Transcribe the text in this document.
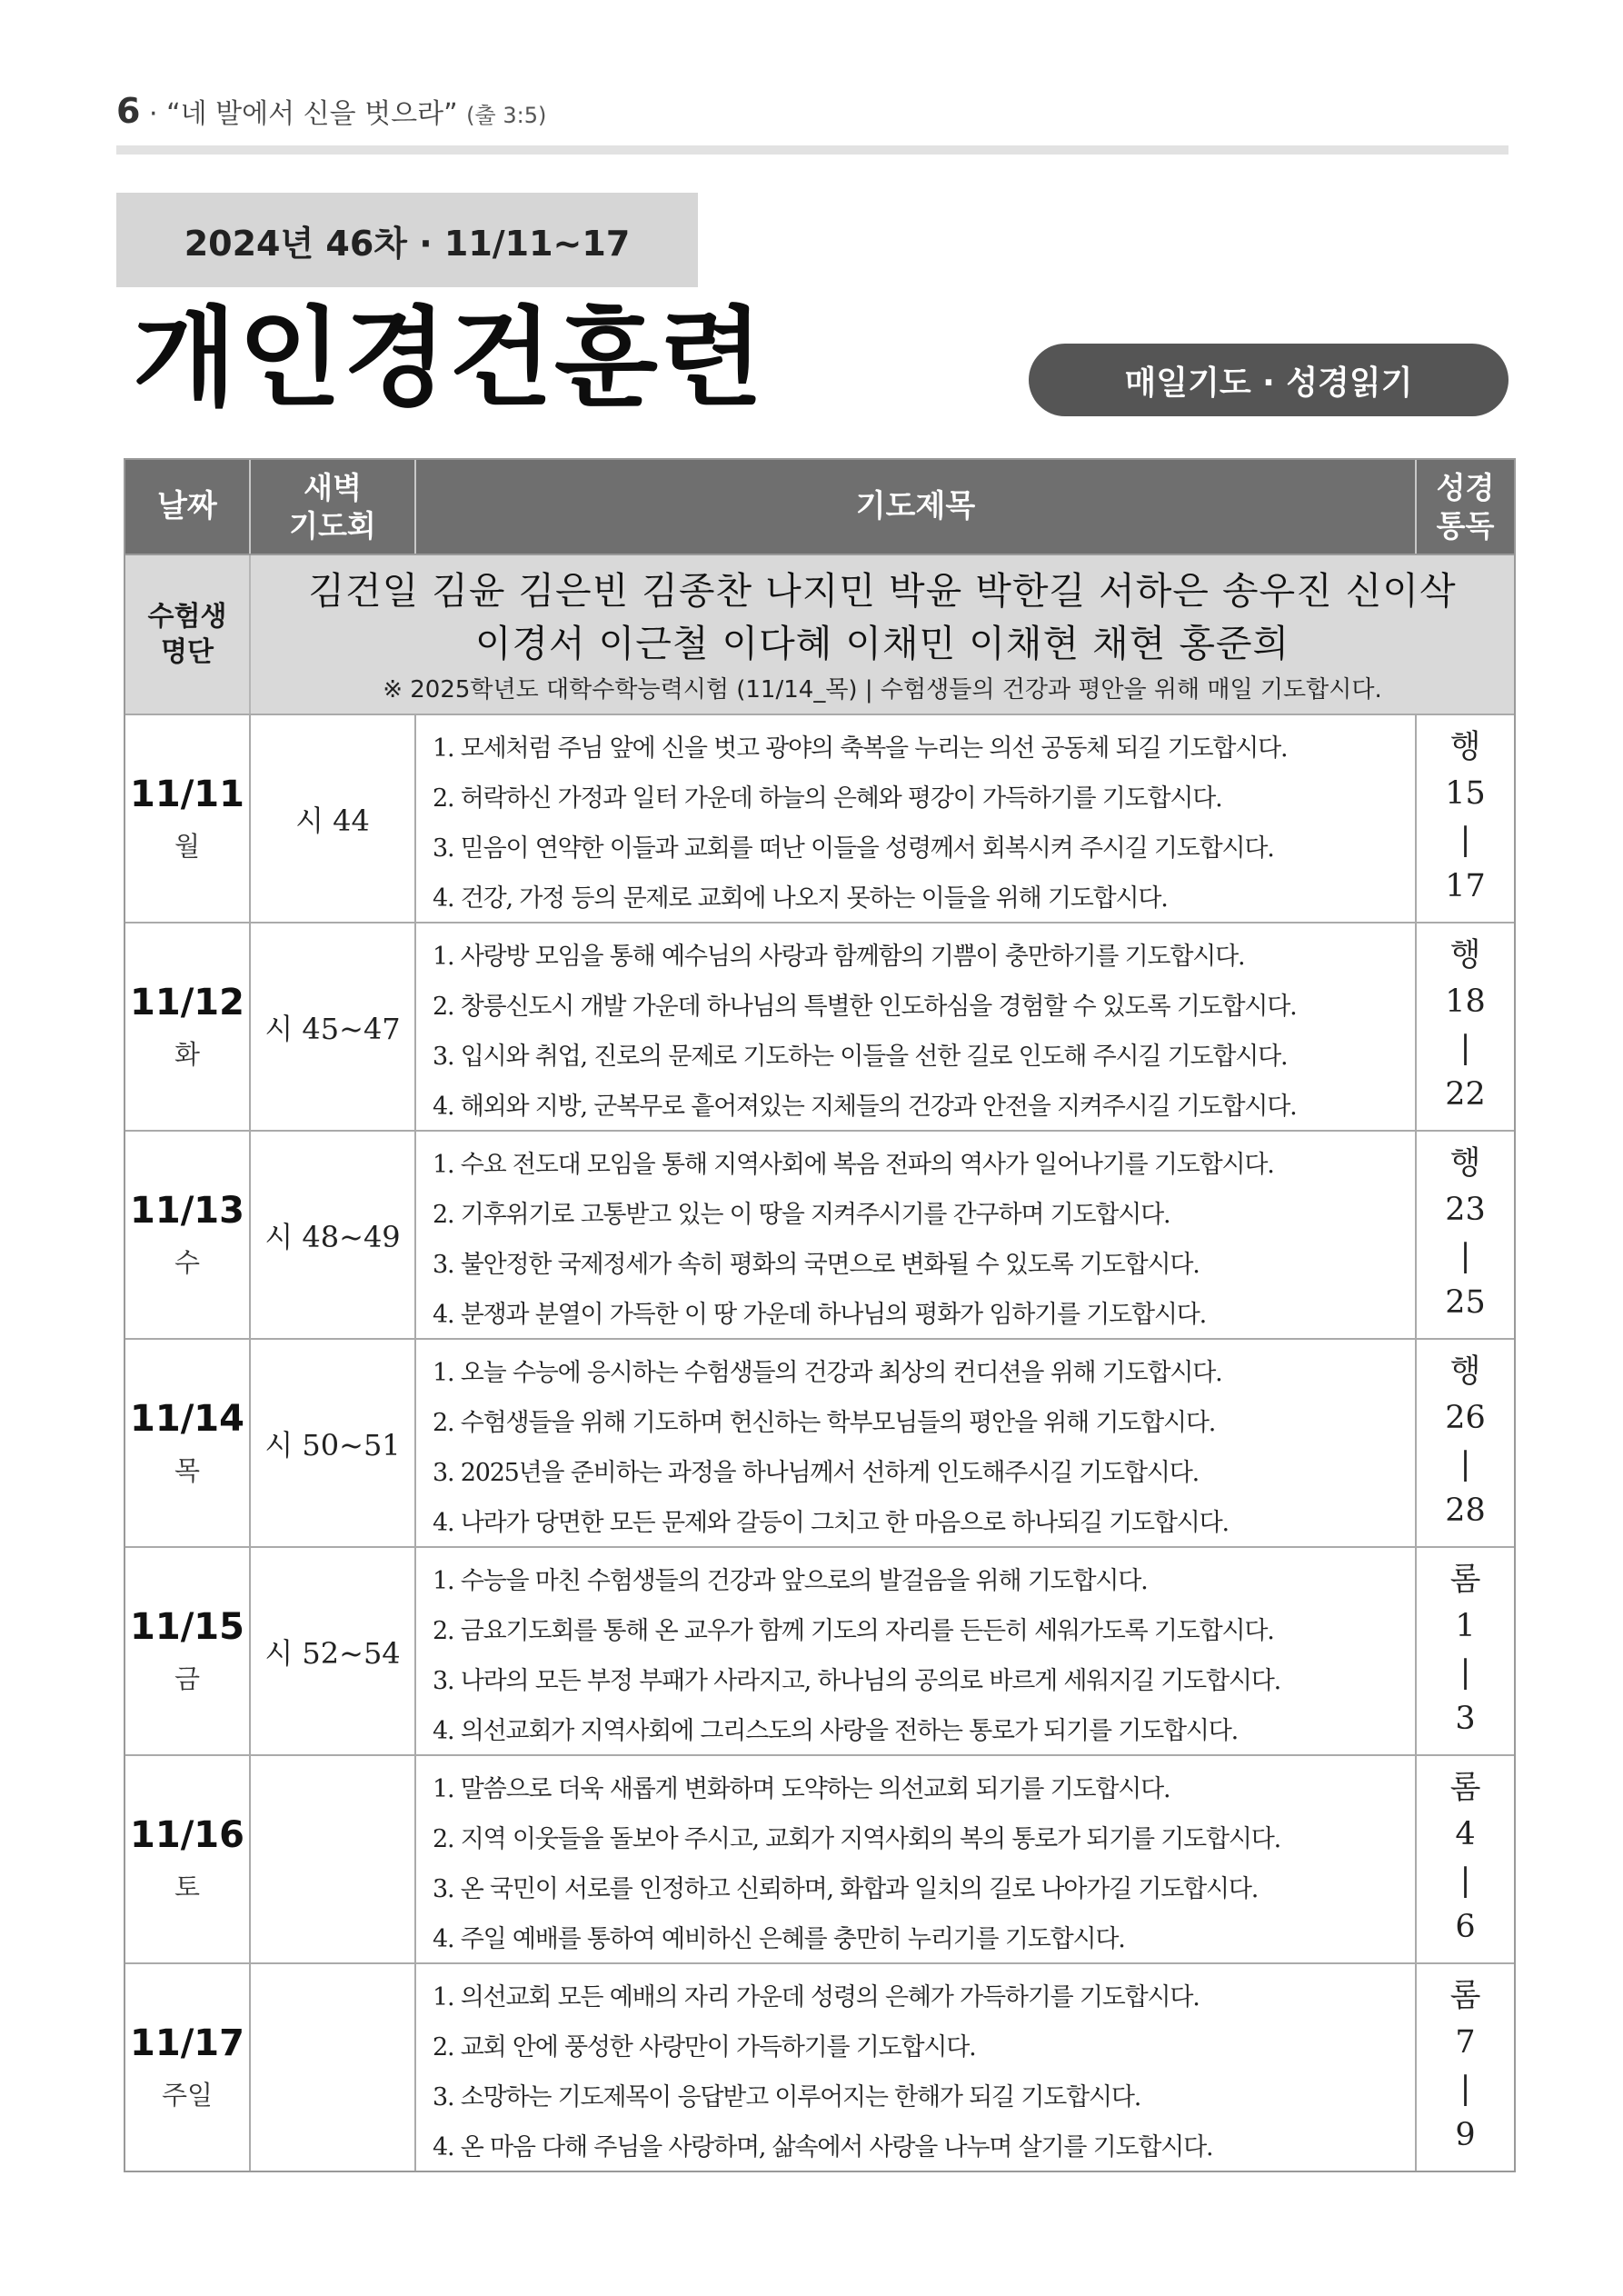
6 · “네 발에서 신을 벗으라” (출 3:5)
2024년 46차 · 11/11~17
개인경건훈련	매일기도 · 성경읽기
날짜
새벽
기도회
기도제목
성경
통독
수험생
명단
김건일 김윤 김은빈 김종찬 나지민 박윤 박한길 서하은 송우진 신이삭
이경서 이근철 이다혜 이채민 이채현 채현 홍준희
※ 2025학년도 대학수학능력시험 (11/14_목) | 수험생들의 건강과 평안을 위해 매일 기도합시다.
11/11
월
시 44
1. 모세처럼 주님 앞에 신을 벗고 광야의 축복을 누리는 의선 공동체 되길 기도합시다.
2. 허락하신 가정과 일터 가운데 하늘의 은혜와 평강이 가득하기를 기도합시다.
3. 믿음이 연약한 이들과 교회를 떠난 이들을 성령께서 회복시켜 주시길 기도합시다.
4. 건강, 가정 등의 문제로 교회에 나오지 못하는 이들을 위해 기도합시다.
행
15
|
17
11/12
화
시 45~47
1. 사랑방 모임을 통해 예수님의 사랑과 함께함의 기쁨이 충만하기를 기도합시다.
2. 창릉신도시 개발 가운데 하나님의 특별한 인도하심을 경험할 수 있도록 기도합시다.
3. 입시와 취업, 진로의 문제로 기도하는 이들을 선한 길로 인도해 주시길 기도합시다.
4. 해외와 지방, 군복무로 흩어져있는 지체들의 건강과 안전을 지켜주시길 기도합시다.
행
18
|
22
11/13
수
시 48~49
1. 수요 전도대 모임을 통해 지역사회에 복음 전파의 역사가 일어나기를 기도합시다.
2. 기후위기로 고통받고 있는 이 땅을 지켜주시기를 간구하며 기도합시다.
3. 불안정한 국제정세가 속히 평화의 국면으로 변화될 수 있도록 기도합시다.
4. 분쟁과 분열이 가득한 이 땅 가운데 하나님의 평화가 임하기를 기도합시다.
행
23
|
25
11/14
목
시 50~51
1. 오늘 수능에 응시하는 수험생들의 건강과 최상의 컨디션을 위해 기도합시다.
2. 수험생들을 위해 기도하며 헌신하는 학부모님들의 평안을 위해 기도합시다.
3. 2025년을 준비하는 과정을 하나님께서 선하게 인도해주시길 기도합시다.
4. 나라가 당면한 모든 문제와 갈등이 그치고 한 마음으로 하나되길 기도합시다.
행
26
|
28
11/15
금
시 52~54
1. 수능을 마친 수험생들의 건강과 앞으로의 발걸음을 위해 기도합시다.
2. 금요기도회를 통해 온 교우가 함께 기도의 자리를 든든히 세워가도록 기도합시다.
3. 나라의 모든 부정 부패가 사라지고, 하나님의 공의로 바르게 세워지길 기도합시다.
4. 의선교회가 지역사회에 그리스도의 사랑을 전하는 통로가 되기를 기도합시다.
롬
1
|
3
11/16
토
1. 말씀으로 더욱 새롭게 변화하며 도약하는 의선교회 되기를 기도합시다.
2. 지역 이웃들을 돌보아 주시고, 교회가 지역사회의 복의 통로가 되기를 기도합시다.
3. 온 국민이 서로를 인정하고 신뢰하며, 화합과 일치의 길로 나아가길 기도합시다.
4. 주일 예배를 통하여 예비하신 은혜를 충만히 누리기를 기도합시다.
롬
4
|
6
11/17
주일
1. 의선교회 모든 예배의 자리 가운데 성령의 은혜가 가득하기를 기도합시다.
2. 교회 안에 풍성한 사랑만이 가득하기를 기도합시다.
3. 소망하는 기도제목이 응답받고 이루어지는 한해가 되길 기도합시다.
4. 온 마음 다해 주님을 사랑하며, 삶속에서 사랑을 나누며 살기를 기도합시다.
롬
7
|
9
